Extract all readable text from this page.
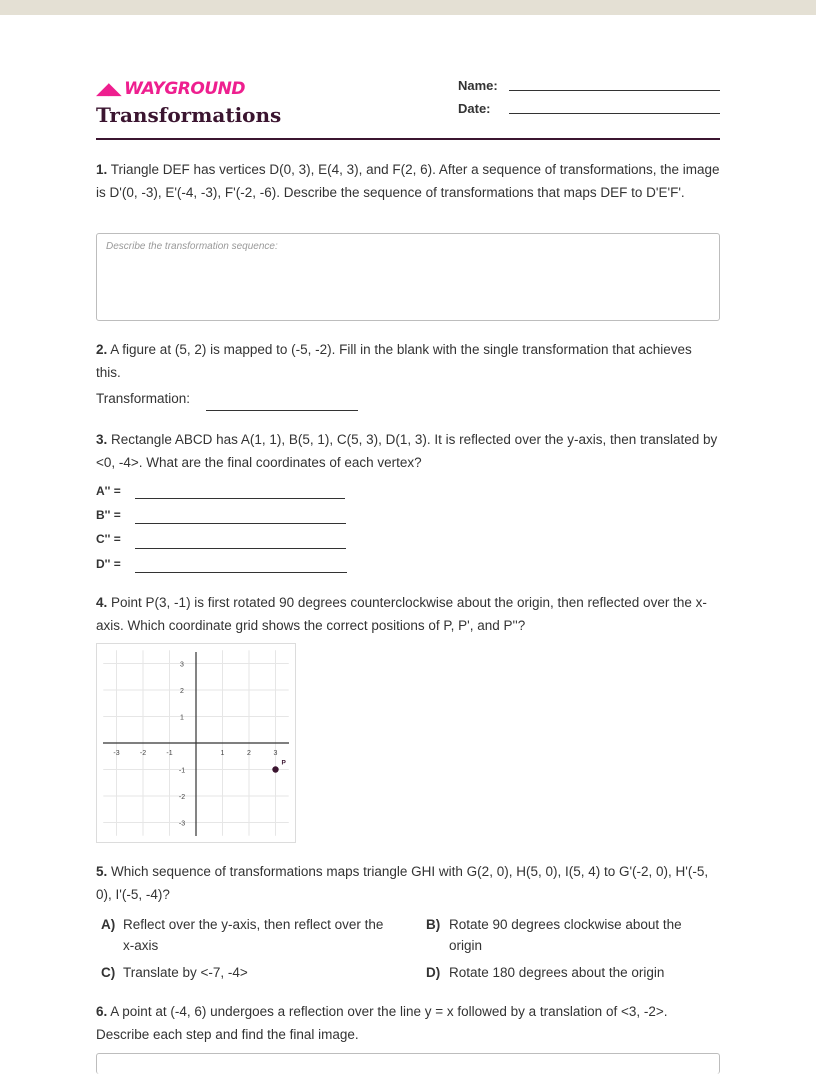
◢◣ WAYGROUND
Transformations
Name:
Date:
1. Triangle DEF has vertices D(0, 3), E(4, 3), and F(2, 6). After a sequence of transformations, the image is D'(0, -3), E'(-4, -3), F'(-2, -6). Describe the sequence of transformations that maps DEF to D'E'F'.
Describe the transformation sequence:
2. A figure at (5, 2) is mapped to (-5, -2). Fill in the blank with the single transformation that achieves this.
Transformation:
3. Rectangle ABCD has A(1, 1), B(5, 1), C(5, 3), D(1, 3). It is reflected over the y-axis, then translated by <0, -4>. What are the final coordinates of each vertex?
A'' =
B'' =
C'' =
D'' =
4. Point P(3, -1) is first rotated 90 degrees counterclockwise about the origin, then reflected over the x-axis. Which coordinate grid shows the correct positions of P, P', and P''?
-3	-2	-1	1	2	3
3
2
1
-1
-2
-3
P
5. Which sequence of transformations maps triangle GHI with G(2, 0), H(5, 0), I(5, 4) to G'(-2, 0), H'(-5, 0), I'(-5, -4)?
A) Reflect over the y-axis, then reflect over the x-axis
B) Rotate 90 degrees clockwise about the origin
C) Translate by <-7, -4>	D) Rotate 180 degrees about the origin
6. A point at (-4, 6) undergoes a reflection over the line y = x followed by a translation of <3, -2>. Describe each step and find the final image.
